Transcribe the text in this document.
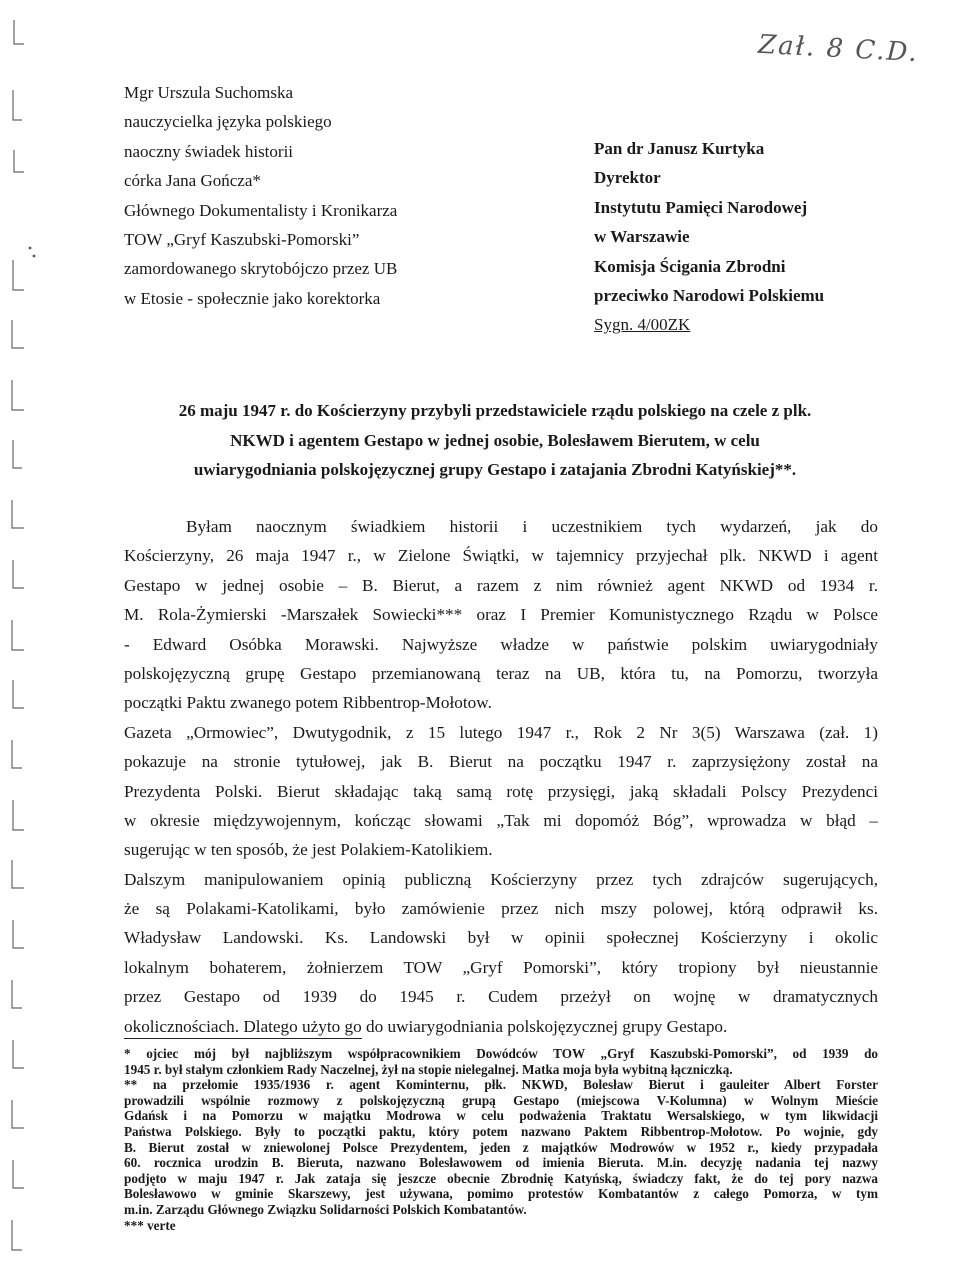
Zał. 8 C.D.
Mgr Urszula Suchomska
nauczycielka języka polskiego
naoczny świadek historii
córka Jana Gończa*
Głównego Dokumentalisty i Kronikarza
TOW „Gryf Kaszubski-Pomorski”
zamordowanego skrytobójczo przez UB
w Etosie - społecznie jako korektorka
Pan dr Janusz Kurtyka
Dyrektor
Instytutu Pamięci Narodowej
w Warszawie
Komisja Ścigania Zbrodni
przeciwko Narodowi Polskiemu
Sygn. 4/00ZK
26 maju 1947 r. do Kościerzyny przybyli przedstawiciele rządu polskiego na czele z plk.
NKWD i agentem Gestapo w jednej osobie, Bolesławem Bierutem, w celu
uwiarygodniania polskojęzycznej grupy Gestapo i zatajania Zbrodni Katyńskiej**.
Byłam naocznym świadkiem historii i uczestnikiem tych wydarzeń, jak do
Kościerzyny, 26 maja 1947 r., w Zielone Świątki, w tajemnicy przyjechał plk. NKWD i agent
Gestapo w jednej osobie – B. Bierut, a razem z nim również agent NKWD od 1934 r.
M. Rola-Żymierski -Marszałek Sowiecki*** oraz I Premier Komunistycznego Rządu w Polsce
- Edward Osóbka Morawski. Najwyższe władze w państwie polskim uwiarygodniały
polskojęzyczną grupę Gestapo przemianowaną teraz na UB, która tu, na Pomorzu, tworzyła
początki Paktu zwanego potem Ribbentrop-Mołotow.
Gazeta „Ormowiec”, Dwutygodnik, z 15 lutego 1947 r., Rok 2 Nr 3(5) Warszawa (zał. 1)
pokazuje na stronie tytułowej, jak B. Bierut na początku 1947 r. zaprzysiężony został na
Prezydenta Polski. Bierut składając taką samą rotę przysięgi, jaką składali Polscy Prezydenci
w okresie międzywojennym, kończąc słowami „Tak mi dopomóż Bóg”, wprowadza w błąd –
sugerując w ten sposób, że jest Polakiem-Katolikiem.
Dalszym manipulowaniem opinią publiczną Kościerzyny przez tych zdrajców sugerujących,
że są Polakami-Katolikami, było zamówienie przez nich mszy polowej, którą odprawił ks.
Władysław Landowski. Ks. Landowski był w opinii społecznej Kościerzyny i okolic
lokalnym bohaterem, żołnierzem TOW „Gryf Pomorski”, który tropiony był nieustannie
przez Gestapo od 1939 do 1945 r. Cudem przeżył on wojnę w dramatycznych
okolicznościach. Dlatego użyto go do uwiarygodniania polskojęzycznej grupy Gestapo.
* ojciec mój był najbliższym współpracownikiem Dowódców TOW „Gryf Kaszubski-Pomorski”, od 1939 do
1945 r. był stałym członkiem Rady Naczelnej, żył na stopie nielegalnej. Matka moja była wybitną łączniczką.
** na przełomie 1935/1936 r. agent Kominternu, płk. NKWD, Bolesław Bierut i gauleiter Albert Forster
prowadzili wspólnie rozmowy z polskojęzyczną grupą Gestapo (miejscowa V-Kolumna) w Wolnym Mieście
Gdańsk i na Pomorzu w majątku Modrowa w celu podważenia Traktatu Wersalskiego, w tym likwidacji
Państwa Polskiego. Były to początki paktu, który potem nazwano Paktem Ribbentrop-Mołotow. Po wojnie, gdy
B. Bierut został w zniewolonej Polsce Prezydentem, jeden z majątków Modrowów w 1952 r., kiedy przypadała
60. rocznica urodzin B. Bieruta, nazwano Bolesławowem od imienia Bieruta. M.in. decyzję nadania tej nazwy
podjęto w maju 1947 r. Jak zataja się jeszcze obecnie Zbrodnię Katyńską, świadczy fakt, że do tej pory nazwa
Bolesławowo w gminie Skarszewy, jest używana, pomimo protestów Kombatantów z całego Pomorza, w tym
m.in. Zarządu Głównego Związku Solidarności Polskich Kombatantów.
*** verte
